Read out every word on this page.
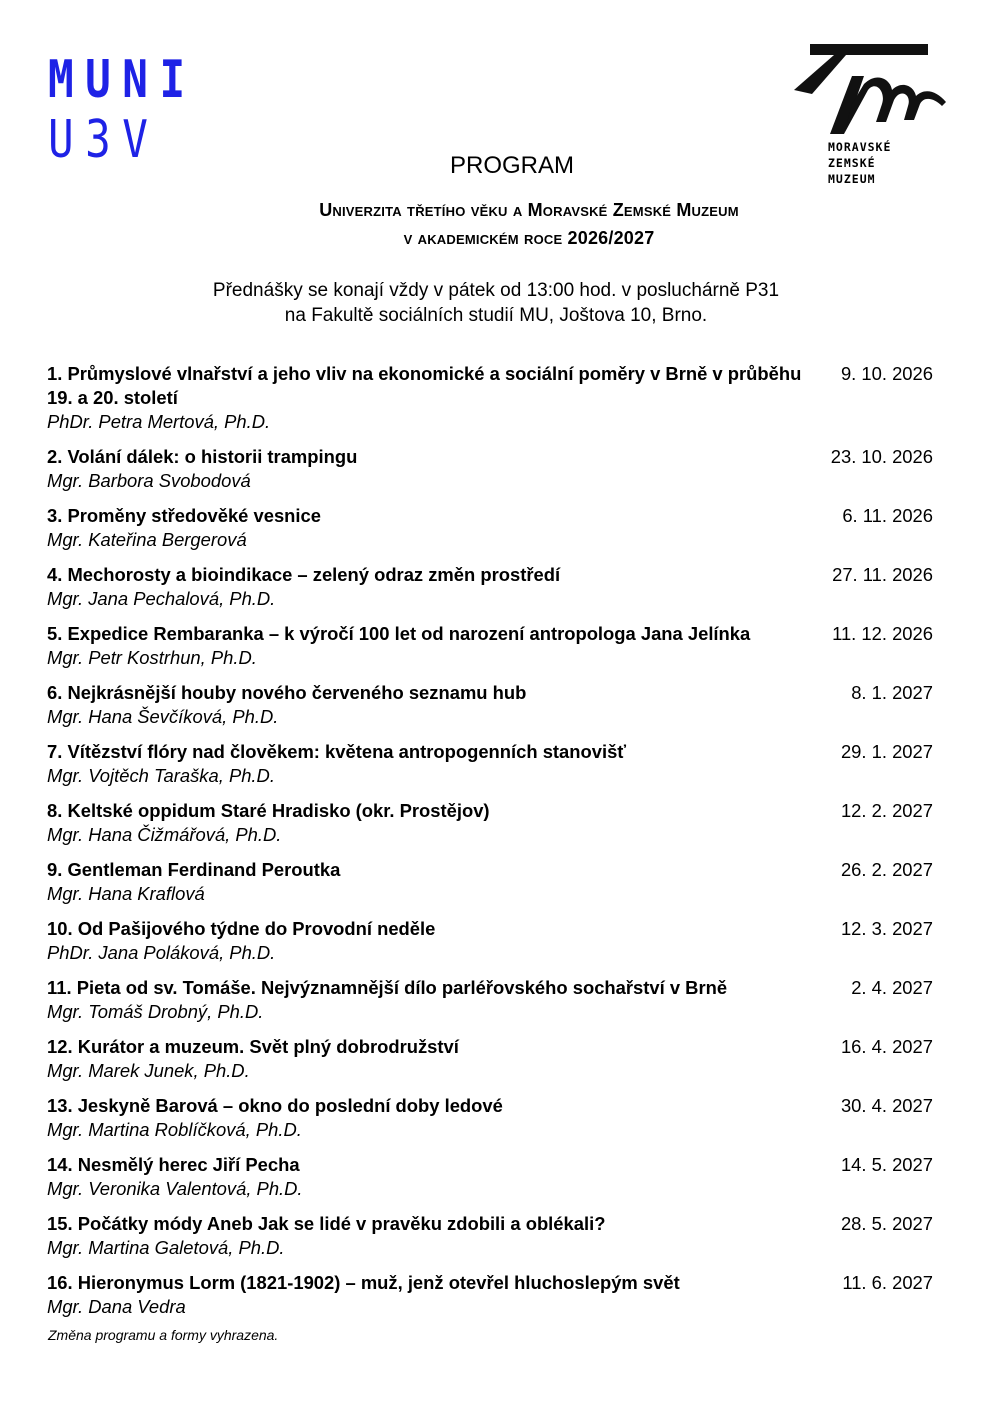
MUNI
U3V	MORAVSKÉ
ZEMSKÉ
MUZEUM
PROGRAM
Univerzita třetího věku a Moravské Zemské Muzeum
v akademickém roce 2026/2027
Přednášky se konají vždy v pátek od 13:00 hod. v posluchárně P31
na Fakultě sociálních studií MU, Joštova 10, Brno.
1. Průmyslové vlnařství a jeho vliv na ekonomické a sociální poměry v Brně v průběhu 19. a 20. století
PhDr. Petra Mertová, Ph.D.
9. 10. 2026
2. Volání dálek: o historii trampingu
Mgr. Barbora Svobodová
23. 10. 2026
3. Proměny středověké vesnice
Mgr. Kateřina Bergerová
6. 11. 2026
4. Mechorosty a bioindikace – zelený odraz změn prostředí
Mgr. Jana Pechalová, Ph.D.
27. 11. 2026
5. Expedice Rembaranka – k výročí 100 let od narození antropologa Jana Jelínka
Mgr. Petr Kostrhun, Ph.D.
11. 12. 2026
6. Nejkrásnější houby nového červeného seznamu hub
Mgr. Hana Ševčíková, Ph.D.
8. 1. 2027
7. Vítězství flóry nad člověkem: květena antropogenních stanovišť
Mgr. Vojtěch Taraška, Ph.D.
29. 1. 2027
8. Keltské oppidum Staré Hradisko (okr. Prostějov)
Mgr. Hana Čižmářová, Ph.D.
12. 2. 2027
9. Gentleman Ferdinand Peroutka
Mgr. Hana Kraflová
26. 2. 2027
10. Od Pašijového týdne do Provodní neděle
PhDr. Jana Poláková, Ph.D.
12. 3. 2027
11. Pieta od sv. Tomáše. Nejvýznamnější dílo parléřovského sochařství v Brně
Mgr. Tomáš Drobný, Ph.D.
2. 4. 2027
12. Kurátor a muzeum. Svět plný dobrodružství
Mgr. Marek Junek, Ph.D.
16. 4. 2027
13. Jeskyně Barová – okno do poslední doby ledové
Mgr. Martina Roblíčková, Ph.D.
30. 4. 2027
14. Nesmělý herec Jiří Pecha
Mgr. Veronika Valentová, Ph.D.
14. 5. 2027
15. Počátky módy Aneb Jak se lidé v pravěku zdobili a oblékali?
Mgr. Martina Galetová, Ph.D.
28. 5. 2027
16. Hieronymus Lorm (1821-1902) – muž, jenž otevřel hluchoslepým svět
Mgr. Dana Vedra
11. 6. 2027
Změna programu a formy vyhrazena.
